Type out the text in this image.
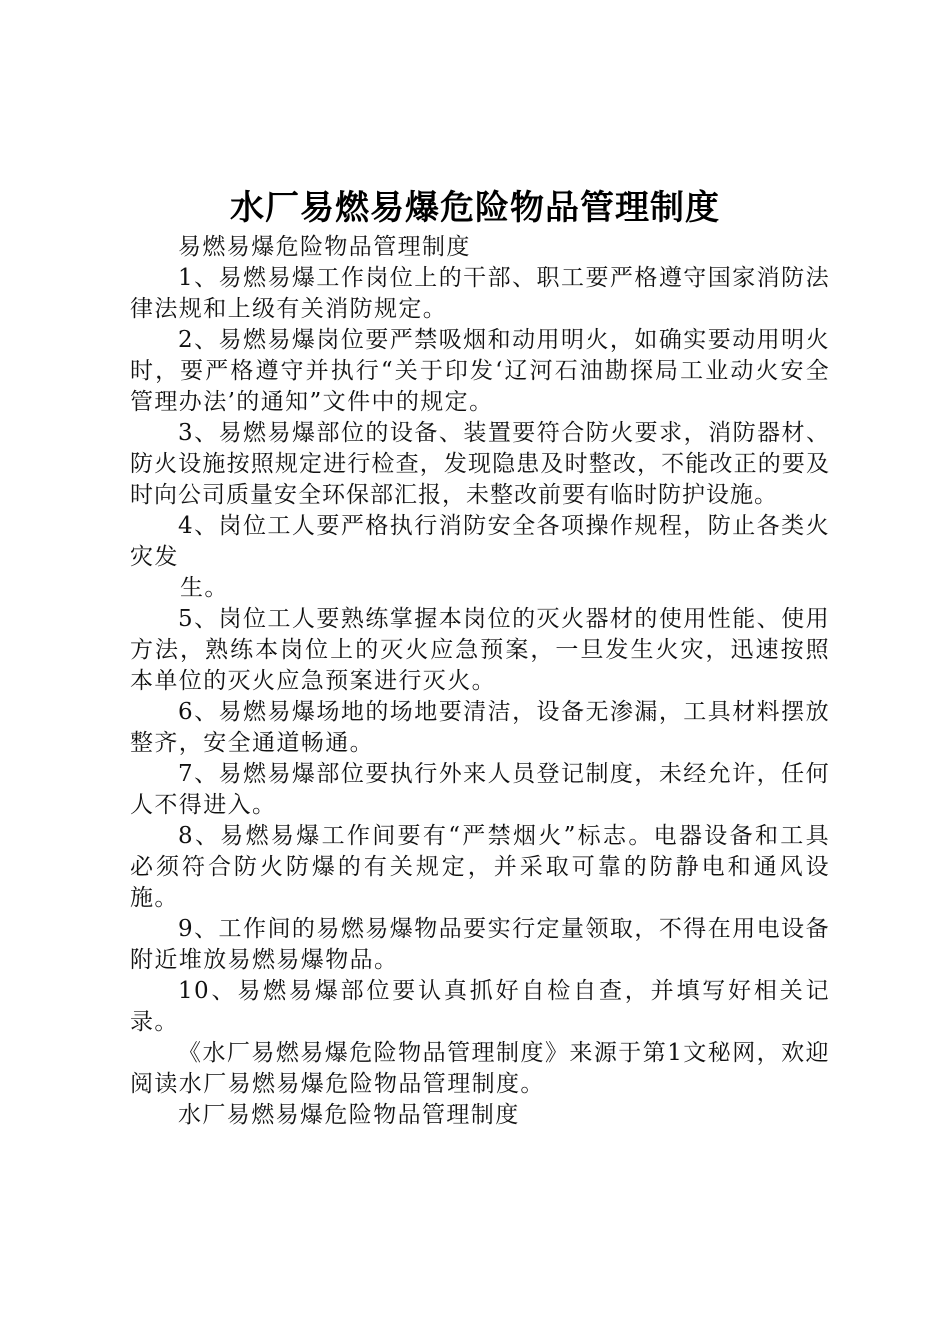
水厂易燃易爆危险物品管理制度

易燃易爆危险物品管理制度

1、易燃易爆工作岗位上的干部、职工要严格遵守国家消防法律法规和上级有关消防规定。

2、易燃易爆岗位要严禁吸烟和动用明火，如确实要动用明火时，要严格遵守并执行“关于印发‘辽河石油勘探局工业动火安全管理办法’的通知”文件中的规定。

3、易燃易爆部位的设备、装置要符合防火要求，消防器材、防火设施按照规定进行检查，发现隐患及时整改，不能改正的要及时向公司质量安全环保部汇报，未整改前要有临时防护设施。

4、岗位工人要严格执行消防安全各项操作规程，防止各类火灾发

生。

5、岗位工人要熟练掌握本岗位的灭火器材的使用性能、使用方法，熟练本岗位上的灭火应急预案，一旦发生火灾，迅速按照本单位的灭火应急预案进行灭火。

6、易燃易爆场地的场地要清洁，设备无渗漏，工具材料摆放整齐，安全通道畅通。

7、易燃易爆部位要执行外来人员登记制度，未经允许，任何人不得进入。

8、易燃易爆工作间要有“严禁烟火”标志。电器设备和工具必须符合防火防爆的有关规定，并采取可靠的防静电和通风设施。

9、工作间的易燃易爆物品要实行定量领取，不得在用电设备附近堆放易燃易爆物品。

10、易燃易爆部位要认真抓好自检自查，并填写好相关记录。

《水厂易燃易爆危险物品管理制度》来源于第1文秘网，欢迎阅读水厂易燃易爆危险物品管理制度。

水厂易燃易爆危险物品管理制度
